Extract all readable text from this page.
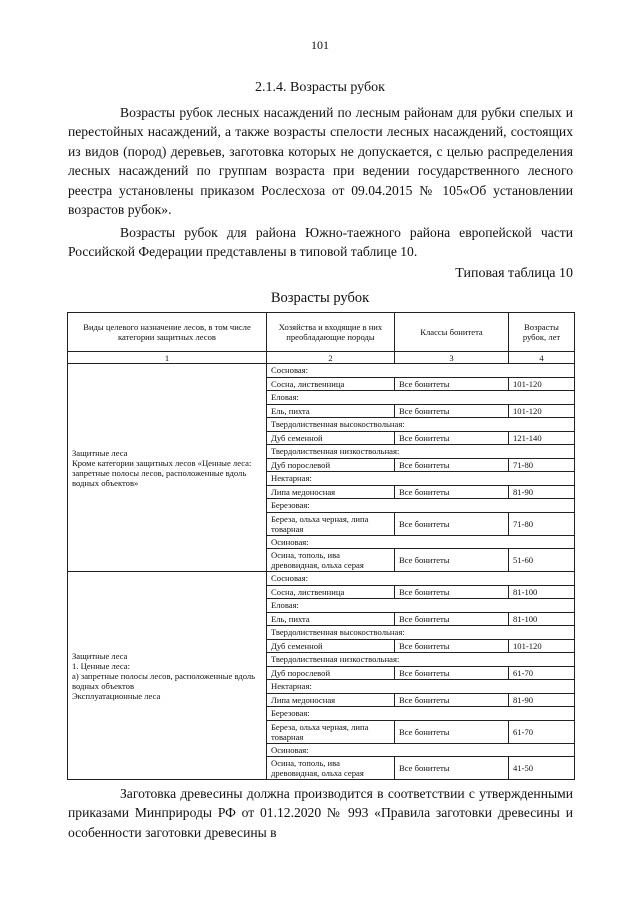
101
2.1.4. Возрасты рубок

Возрасты рубок лесных насаждений по лесным районам для рубки спелых и перестойных насаждений, а также возрасты спелости лесных насаждений, состоящих из видов (пород) деревьев, заготовка которых не допускается, с целью распределения лесных насаждений по группам возраста при ведении государственного лесного реестра установлены приказом Рослесхоза от 09.04.2015 № 105«Об установлении возрастов рубок».

Возрасты рубок для района Южно-таежного района европейской части Российской Федерации представлены в типовой таблице 10.

Типовая таблица 10
Возрасты рубок
Виды целевого назначение лесов, в том числе категории защитных лесов	Хозяйства и входящие в них преобладающие породы	Классы бонитета	Возрасты рубок, лет
1	2	3	4

Защитные леса
Кроме категории защитных лесов «Ценные леса: запретные полосы лесов, расположенные вдоль водных объектов»	Сосновая:		
	Сосна, лиственница	Все бонитеты	101-120
	Еловая:		
	Ель, пихта	Все бонитеты	101-120
	Твердолиственная высокоствольная:		
	Дуб семенной	Все бонитеты	121-140
	Твердолиственная низкоствольная:		
	Дуб порослевой	Все бонитеты	71-80
	Нектарная:		
	Липа медоносная	Все бонитеты	81-90
	Березовая:		
	Береза, ольха черная, липа товарная	Все бонитеты	71-80
	Осиновая:		
	Осина, тополь, ива древовидная, ольха серая	Все бонитеты	51-60

Защитные леса
1. Ценные леса:
а) запретные полосы лесов, расположенные вдоль водных объектов
Эксплуатационные леса	Сосновая:		
	Сосна, лиственница	Все бонитеты	81-100
	Еловая:		
	Ель, пихта	Все бонитеты	81-100
	Твердолиственная высокоствольная:		
	Дуб семенной	Все бонитеты	101-120
	Твердолиственная низкоствольная:		
	Дуб порослевой	Все бонитеты	61-70
	Нектарная:		
	Липа медоносная	Все бонитеты	81-90
	Березовая:		
	Береза, ольха черная, липа товарная	Все бонитеты	61-70
	Осиновая:		
	Осина, тополь, ива древовидная, ольха серая	Все бонитеты	41-50

Заготовка древесины должна производится в соответствии с утвержденными приказами Минприроды РФ от 01.12.2020 № 993 «Правила заготовки древесины и особенности заготовки древесины в
